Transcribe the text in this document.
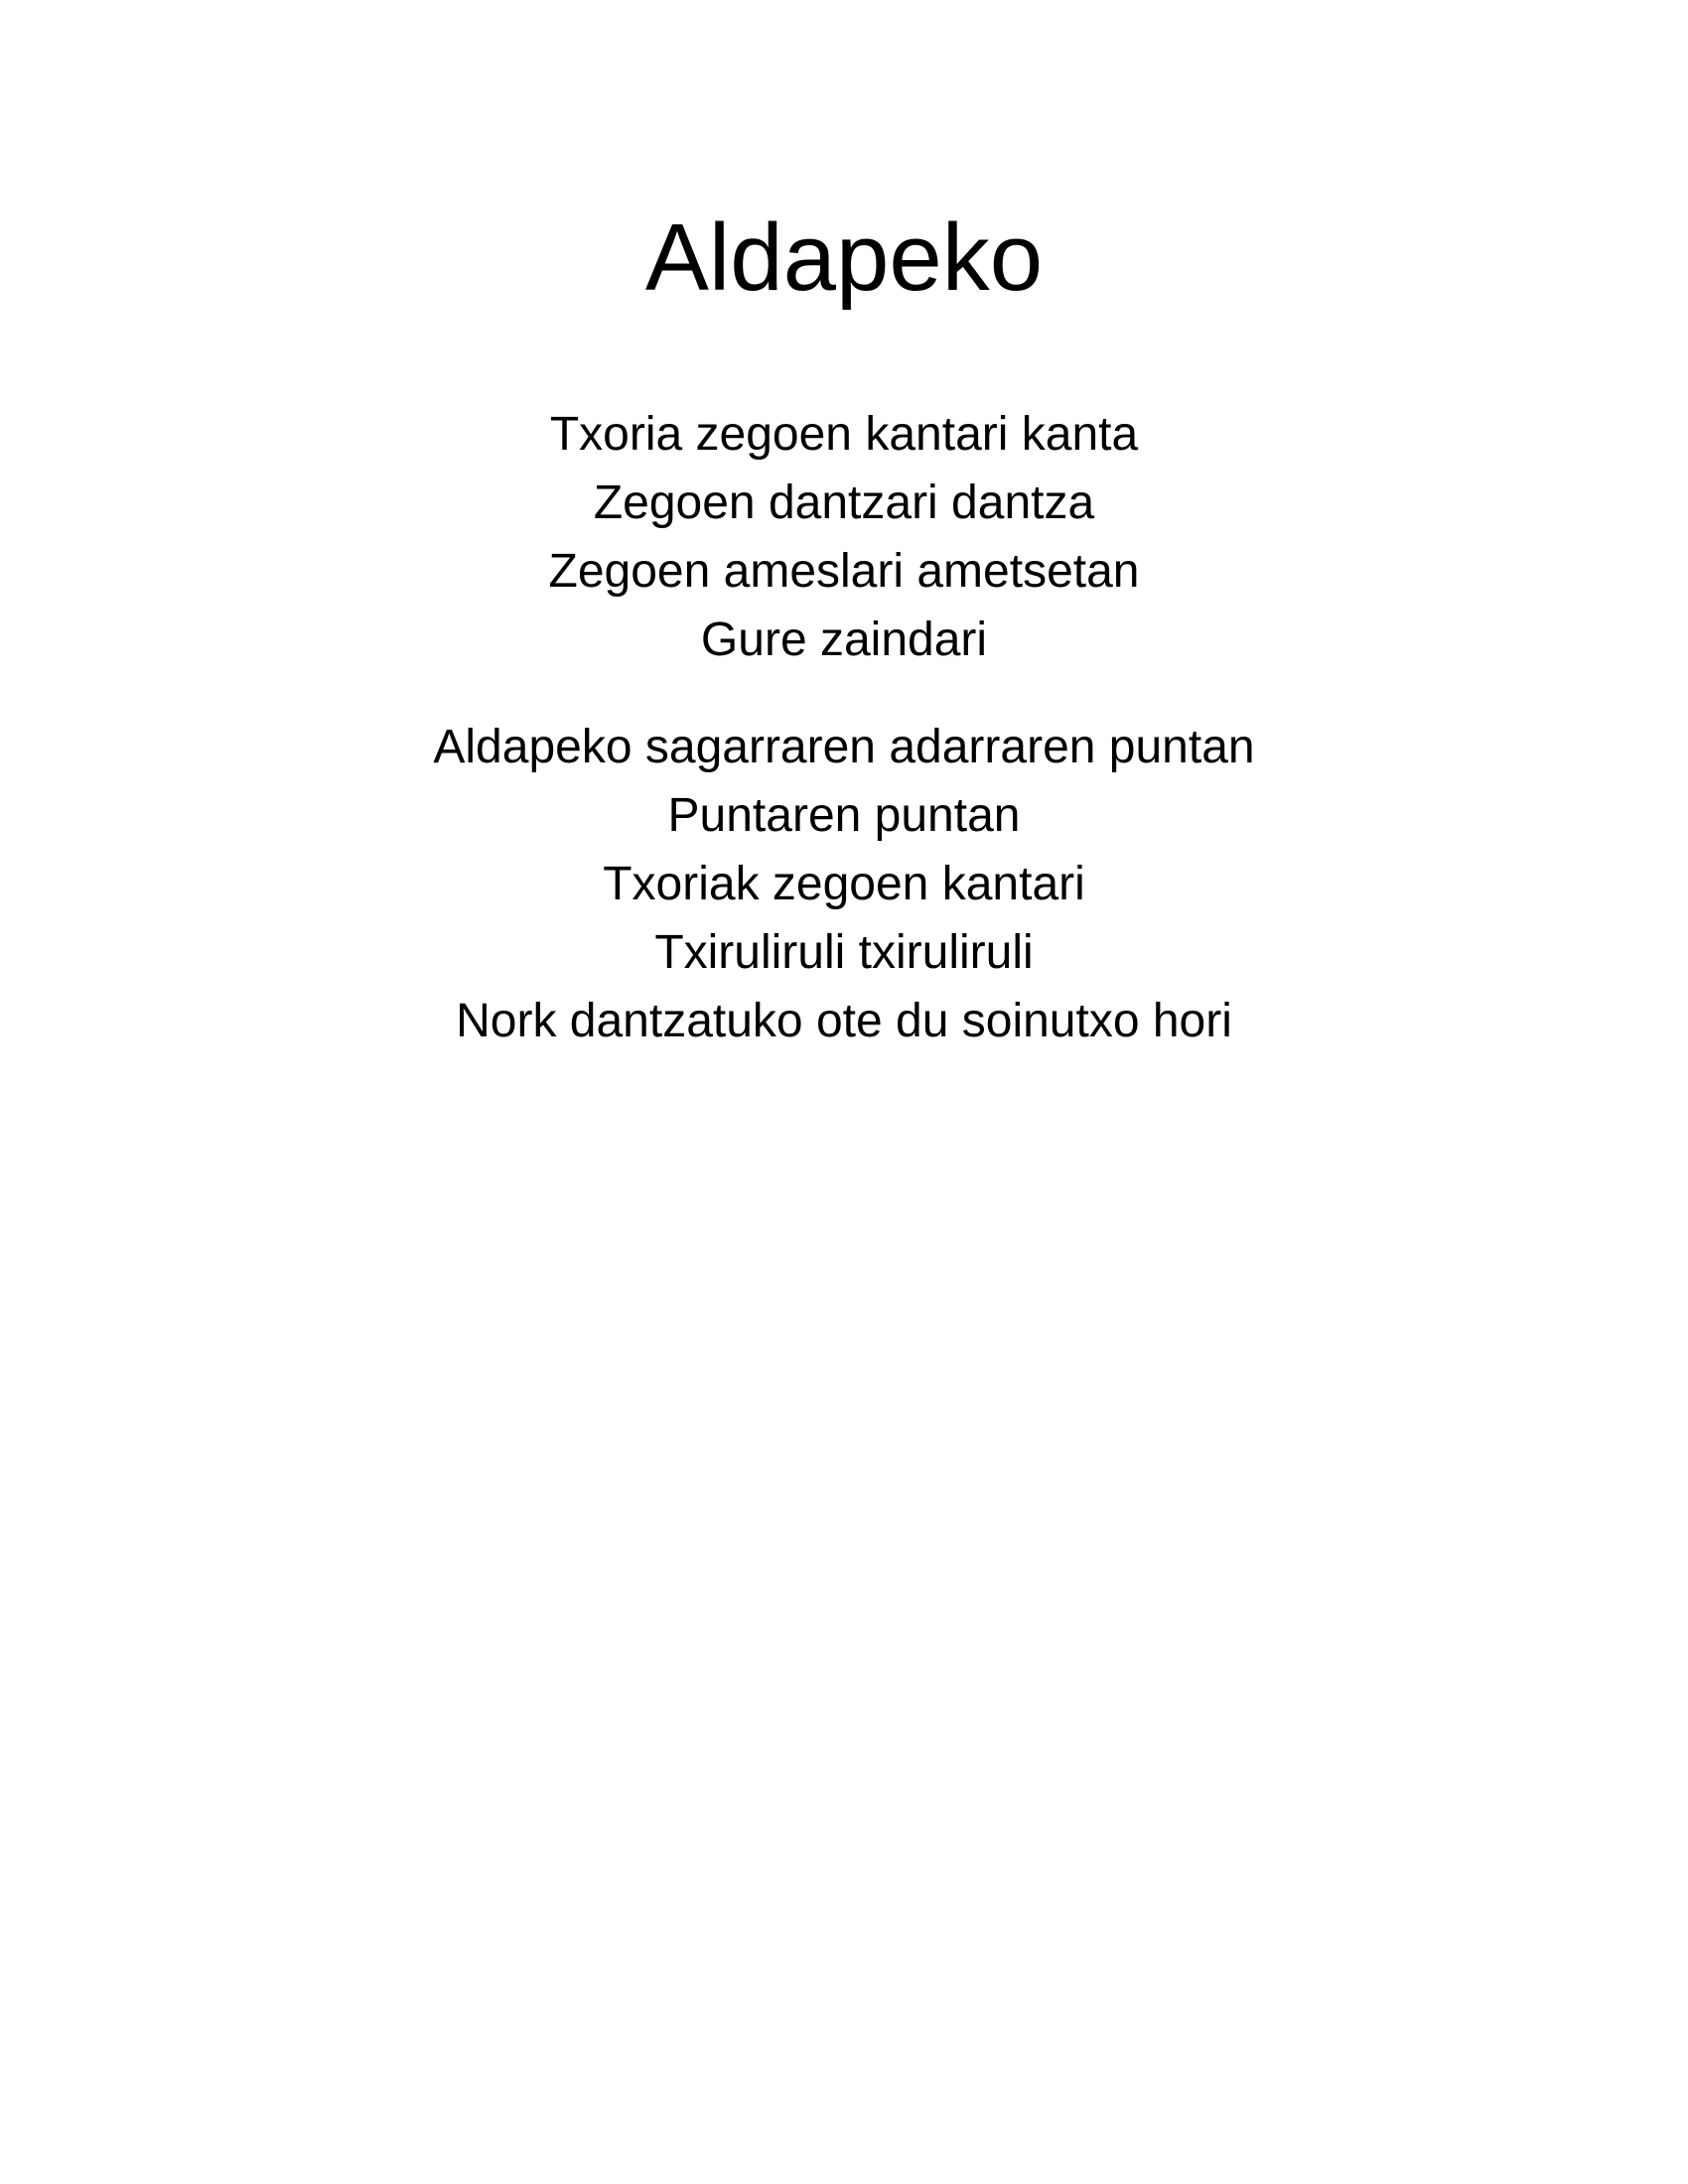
Aldapeko
Txoria zegoen kantari kanta
Zegoen dantzari dantza
Zegoen ameslari ametsetan
Gure zaindari
Aldapeko sagarraren adarraren puntan
Puntaren puntan
Txoriak zegoen kantari
Txiruliruli txiruliruli
Nork dantzatuko ote du soinutxo hori
